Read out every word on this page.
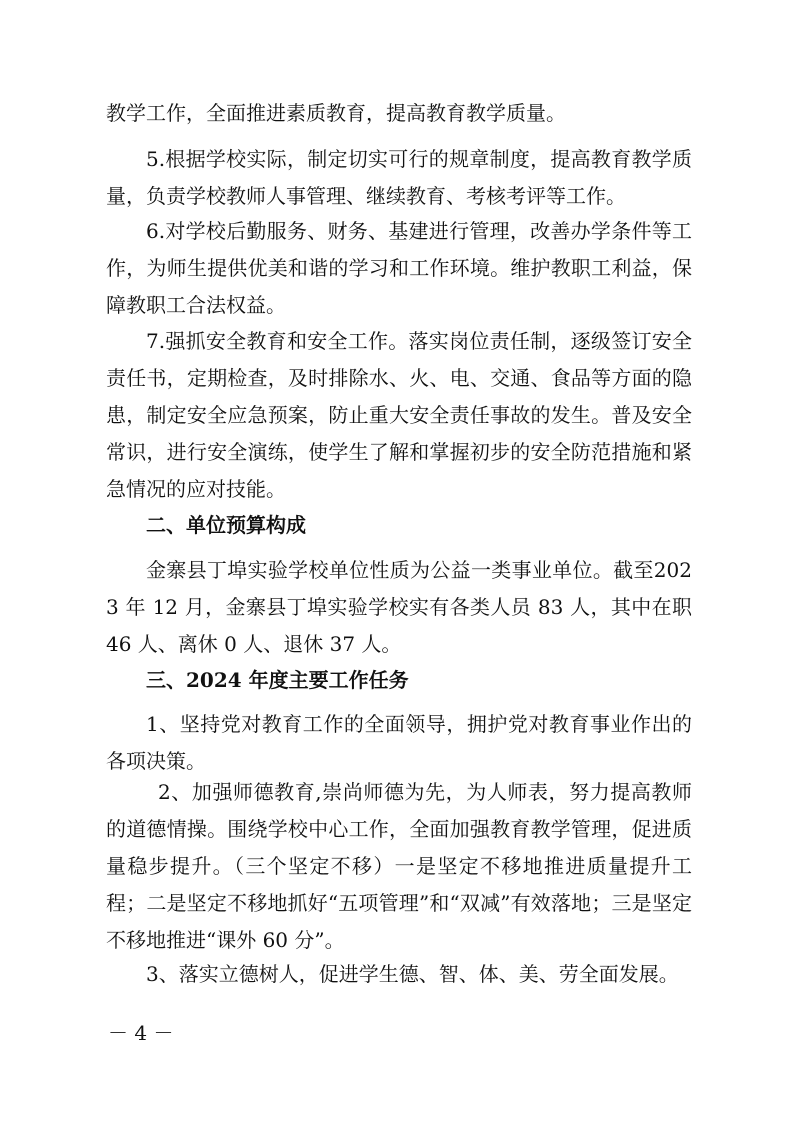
教学工作，全面推进素质教育，提高教育教学质量。

5.根据学校实际，制定切实可行的规章制度，提高教育教学质量，负责学校教师人事管理、继续教育、考核考评等工作。

6.对学校后勤服务、财务、基建进行管理，改善办学条件等工作，为师生提供优美和谐的学习和工作环境。维护教职工利益，保障教职工合法权益。

7.强抓安全教育和安全工作。落实岗位责任制，逐级签订安全责任书，定期检查，及时排除水、火、电、交通、食品等方面的隐患，制定安全应急预案，防止重大安全责任事故的发生。普及安全常识，进行安全演练，使学生了解和掌握初步的安全防范措施和紧急情况的应对技能。

二、单位预算构成

金寨县丁埠实验学校单位性质为公益一类事业单位。截至2023 年 12 月，金寨县丁埠实验学校实有各类人员 83 人，其中在职 46 人、离休 0 人、退休 37 人。

三、2024 年度主要工作任务

1、坚持党对教育工作的全面领导，拥护党对教育事业作出的各项决策。

2、加强师德教育,崇尚师德为先，为人师表，努力提高教师的道德情操。围绕学校中心工作，全面加强教育教学管理，促进质量稳步提升。（三个坚定不移）一是坚定不移地推进质量提升工程；二是坚定不移地抓好“五项管理”和“双减”有效落地；三是坚定不移地推进“课外 60 分”。

3、落实立德树人，促进学生德、智、体、美、劳全面发展。

－ 4 －
